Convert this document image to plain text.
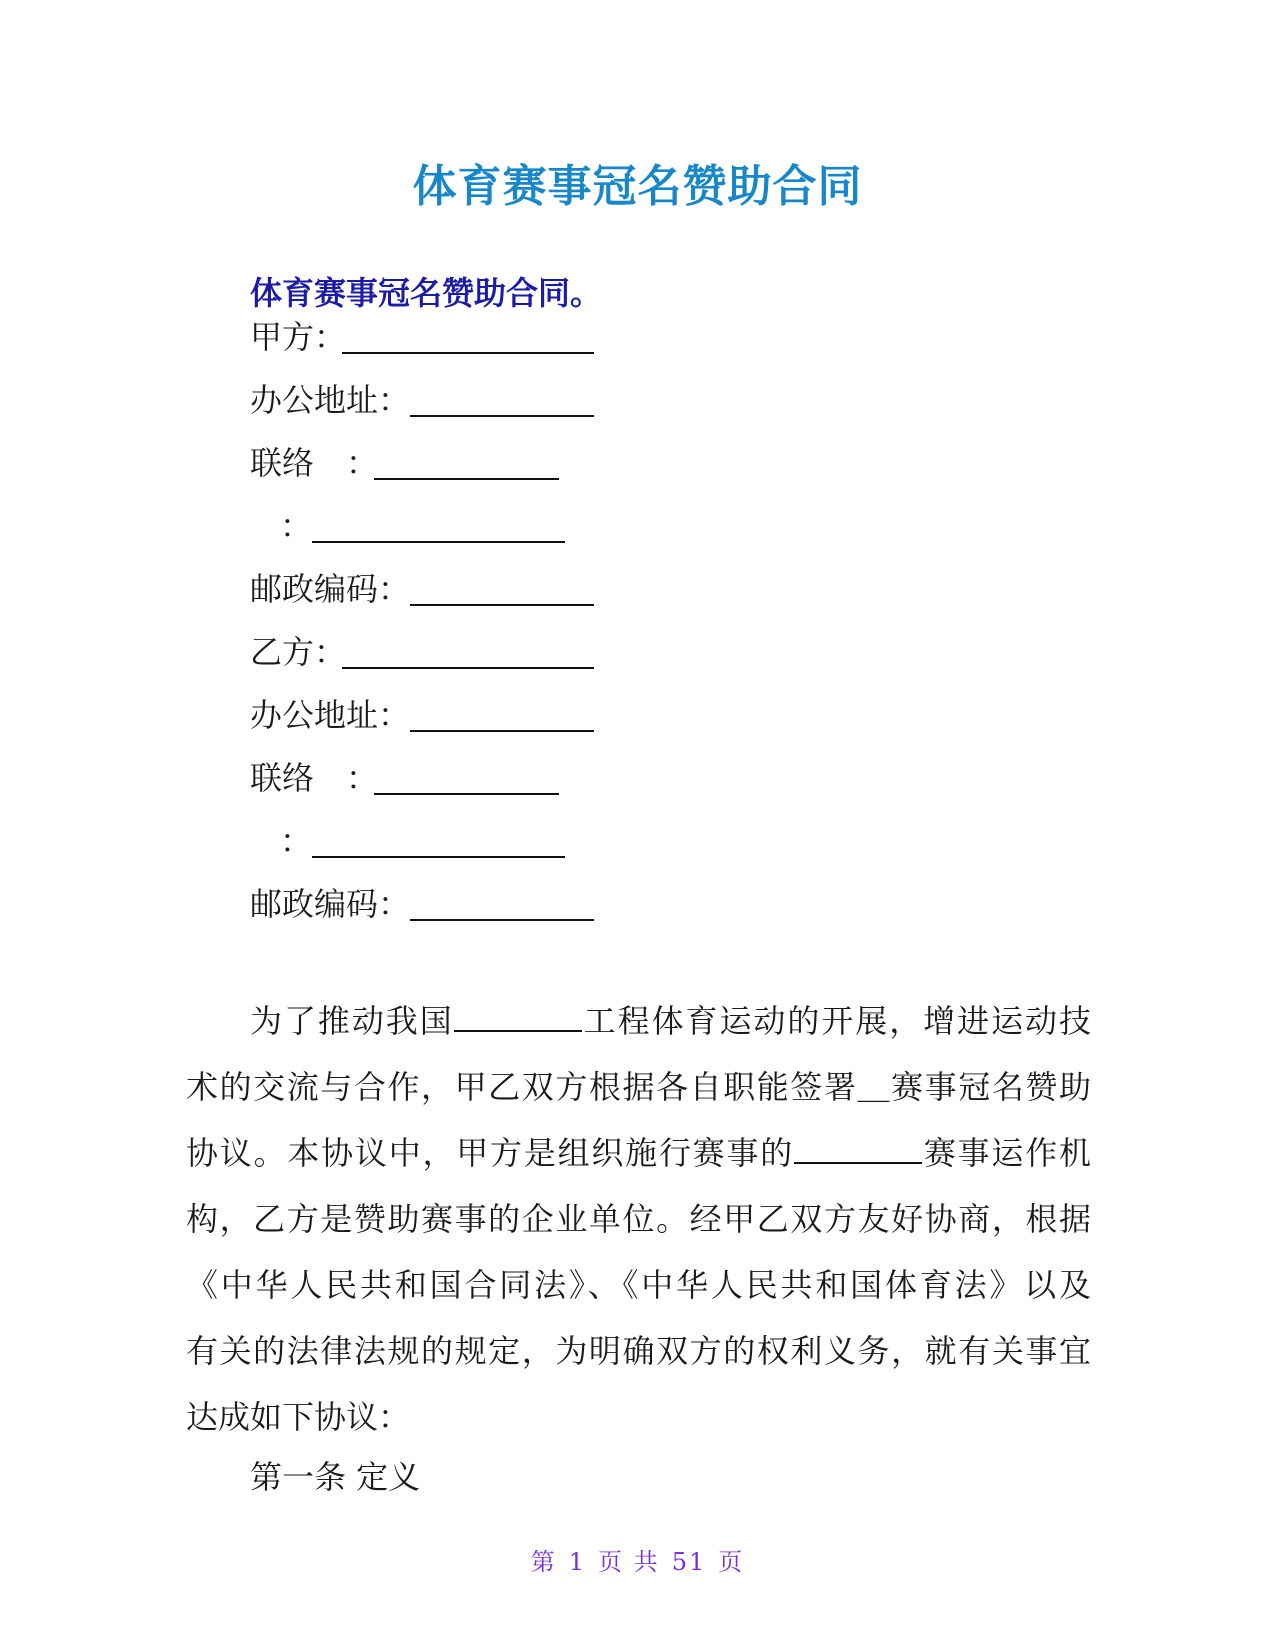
体育赛事冠名赞助合同
体育赛事冠名赞助合同。
甲方：
办公地址：
联络　：
：
邮政编码：
乙方：
办公地址：
联络　：
：
邮政编码：
为了推动我国	工程体育运动的开展，增进运动技
术的交流与合作，甲乙双方根据各自职能签署＿赛事冠名赞助
协议。本协议中，甲方是组织施行赛事的	赛事运作机
构，乙方是赞助赛事的企业单位。经甲乙双方友好协商，根据
《中华人民共和国合同法》、《中华人民共和国体育法》以及
有关的法律法规的规定，为明确双方的权利义务，就有关事宜
达成如下协议：
第一条 定义
第 1 页 共 51 页
